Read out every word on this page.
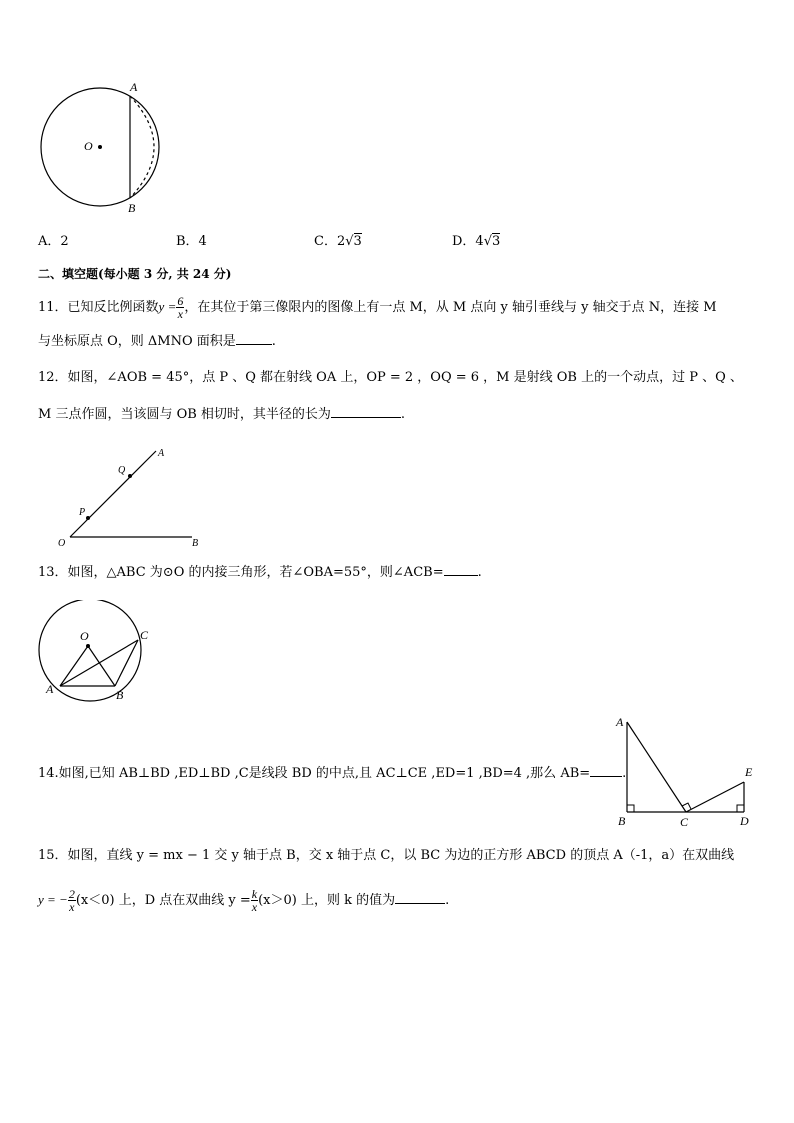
A
B
O
A．2	B．4	C．2√3	D．4√3
二、填空题(每小题 3 分, 共 24 分)
11．已知反比例函数$y = \frac{6}{x}$ ，在其位于第三像限内的图像上有一点 M，从 M 点向 y 轴引垂线与 y 轴交于点 N，连接 M
与坐标原点 O，则 ΔMNO 面积是	.
12．如图，∠AOB = 45°，点 P 、Q 都在射线 OA 上，OP = 2 ，OQ = 6 ，M 是射线 OB 上的一个动点，过 P 、Q 、
M 三点作圆，当该圆与 OB 相切时，其半径的长为	.
A
Q
P
O	B
13．如图，△ABC 为⊙O 的内接三角形，若∠OBA=55°，则∠ACB=	.
O	C
A	B
14.如图,已知 AB⊥BD ,ED⊥BD ,C是线段 BD 的中点,且 AC⊥CE ,ED=1 ,BD=4 ,那么 AB= .
A
B	C	D
E
15．如图，直线 y = mx − 1 交 y 轴于点 B，交 x 轴于点 C，以 BC 为边的正方形 ABCD 的顶点 A（-1，a）在双曲线
y = − $\frac{2}{x} (x<0)$ 上，D 点在双曲线 $y = \frac{k}{x} (x>0)$ 上，则 k 的值为	.
